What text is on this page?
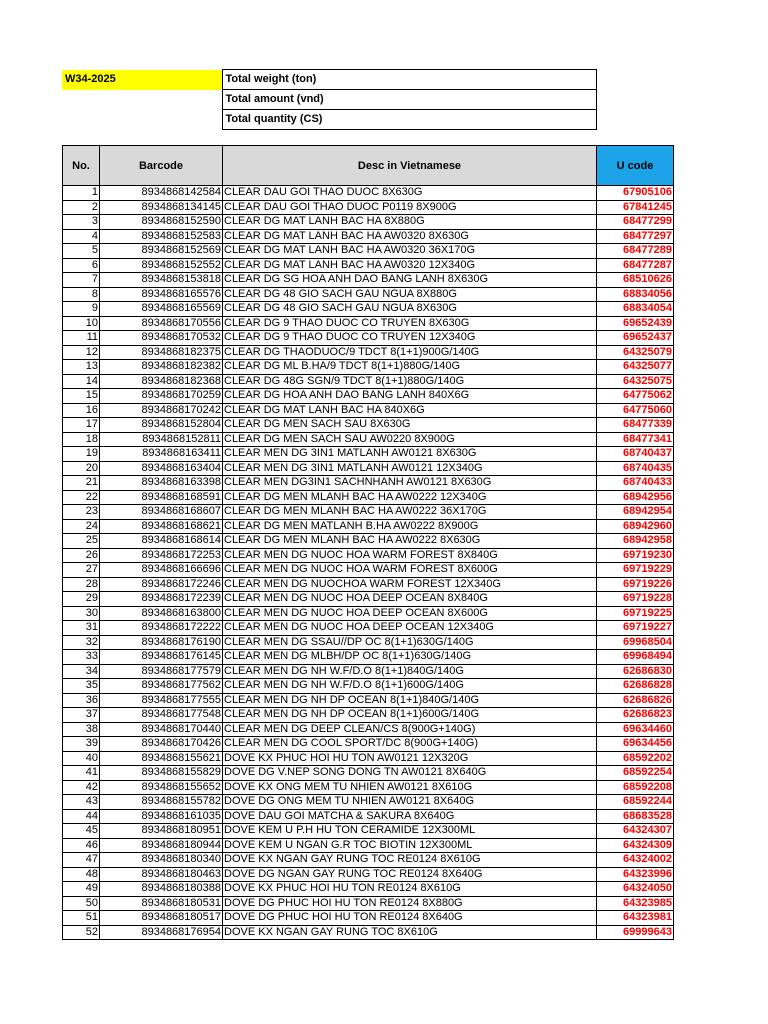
W34-2025	Total weight (ton)
	Total amount (vnd)
	Total quantity (CS)
No.	Barcode	Desc in Vietnamese	U code
1	8934868142584	CLEAR DAU GOI THAO DUOC 8X630G	67905106
2	8934868134145	CLEAR DAU GOI THAO DUOC P0119 8X900G	67841245
3	8934868152590	CLEAR DG MAT LANH BAC HA 8X880G	68477299
4	8934868152583	CLEAR DG MAT LANH BAC HA AW0320 8X630G	68477297
5	8934868152569	CLEAR DG MAT LANH BAC HA AW0320 36X170G	68477289
6	8934868152552	CLEAR DG MAT LANH BAC HA AW0320 12X340G	68477287
7	8934868153818	CLEAR DG SG HOA ANH DAO BANG LANH 8X630G	68510626
8	8934868165576	CLEAR DG 48 GIO SACH GAU NGUA 8X880G	68834056
9	8934868165569	CLEAR DG 48 GIO SACH GAU NGUA 8X630G	68834054
10	8934868170556	CLEAR DG 9 THAO DUOC CO TRUYEN 8X630G	69652439
11	8934868170532	CLEAR DG 9 THAO DUOC CO TRUYEN 12X340G	69652437
12	8934868182375	CLEAR DG THAODUOC/9 TDCT 8(1+1)900G/140G	64325079
13	8934868182382	CLEAR DG ML B.HA/9 TDCT 8(1+1)880G/140G	64325077
14	8934868182368	CLEAR DG 48G SGN/9 TDCT 8(1+1)880G/140G	64325075
15	8934868170259	CLEAR DG HOA ANH DAO BANG LANH 840X6G	64775062
16	8934868170242	CLEAR DG MAT LANH BAC HA 840X6G	64775060
17	8934868152804	CLEAR DG MEN SACH SAU 8X630G	68477339
18	8934868152811	CLEAR DG MEN SACH SAU AW0220 8X900G	68477341
19	8934868163411	CLEAR MEN DG 3IN1 MATLANH AW0121 8X630G	68740437
20	8934868163404	CLEAR MEN DG 3IN1 MATLANH AW0121 12X340G	68740435
21	8934868163398	CLEAR MEN DG3IN1 SACHNHANH AW0121 8X630G	68740433
22	8934868168591	CLEAR DG MEN MLANH BAC HA AW0222 12X340G	68942956
23	8934868168607	CLEAR DG MEN MLANH BAC HA AW0222 36X170G	68942954
24	8934868168621	CLEAR DG MEN MATLANH B.HA AW0222 8X900G	68942960
25	8934868168614	CLEAR DG MEN MLANH BAC HA AW0222 8X630G	68942958
26	8934868172253	CLEAR MEN DG NUOC HOA WARM FOREST 8X840G	69719230
27	8934868166696	CLEAR MEN DG NUOC HOA WARM FOREST 8X600G	69719229
28	8934868172246	CLEAR MEN DG NUOCHOA WARM FOREST 12X340G	69719226
29	8934868172239	CLEAR MEN DG NUOC HOA DEEP OCEAN 8X840G	69719228
30	8934868163800	CLEAR MEN DG NUOC HOA DEEP OCEAN 8X600G	69719225
31	8934868172222	CLEAR MEN DG NUOC HOA DEEP OCEAN 12X340G	69719227
32	8934868176190	CLEAR MEN DG SSAU//DP OC 8(1+1)630G/140G	69968504
33	8934868176145	CLEAR MEN DG MLBH/DP OC 8(1+1)630G/140G	69968494
34	8934868177579	CLEAR MEN DG NH W.F/D.O 8(1+1)840G/140G	62686830
35	8934868177562	CLEAR MEN DG NH W.F/D.O 8(1+1)600G/140G	62686828
36	8934868177555	CLEAR MEN DG NH DP OCEAN 8(1+1)840G/140G	62686826
37	8934868177548	CLEAR MEN DG NH DP OCEAN 8(1+1)600G/140G	62686823
38	8934868170440	CLEAR MEN DG DEEP CLEAN/CS 8(900G+140G)	69634460
39	8934868170426	CLEAR MEN DG COOL SPORT/DC 8(900G+140G)	69634456
40	8934868155621	DOVE KX PHUC HOI HU TON AW0121 12X320G	68592202
41	8934868155829	DOVE DG V.NEP SONG DONG TN AW0121 8X640G	68592254
42	8934868155652	DOVE KX ONG MEM TU NHIEN AW0121 8X610G	68592208
43	8934868155782	DOVE DG ONG MEM TU NHIEN AW0121 8X640G	68592244
44	8934868161035	DOVE DAU GOI MATCHA & SAKURA 8X640G	68683528
45	8934868180951	DOVE KEM U P.H HU TON CERAMIDE 12X300ML	64324307
46	8934868180944	DOVE KEM U NGAN G.R TOC BIOTIN 12X300ML	64324309
47	8934868180340	DOVE KX NGAN GAY RUNG TOC RE0124 8X610G	64324002
48	8934868180463	DOVE DG NGAN GAY RUNG TOC RE0124 8X640G	64323996
49	8934868180388	DOVE KX PHUC HOI HU TON RE0124 8X610G	64324050
50	8934868180531	DOVE DG PHUC HOI HU TON RE0124 8X880G	64323985
51	8934868180517	DOVE DG PHUC HOI HU TON RE0124 8X640G	64323981
52	8934868176954	DOVE KX NGAN GAY RUNG TOC 8X610G	69999643
